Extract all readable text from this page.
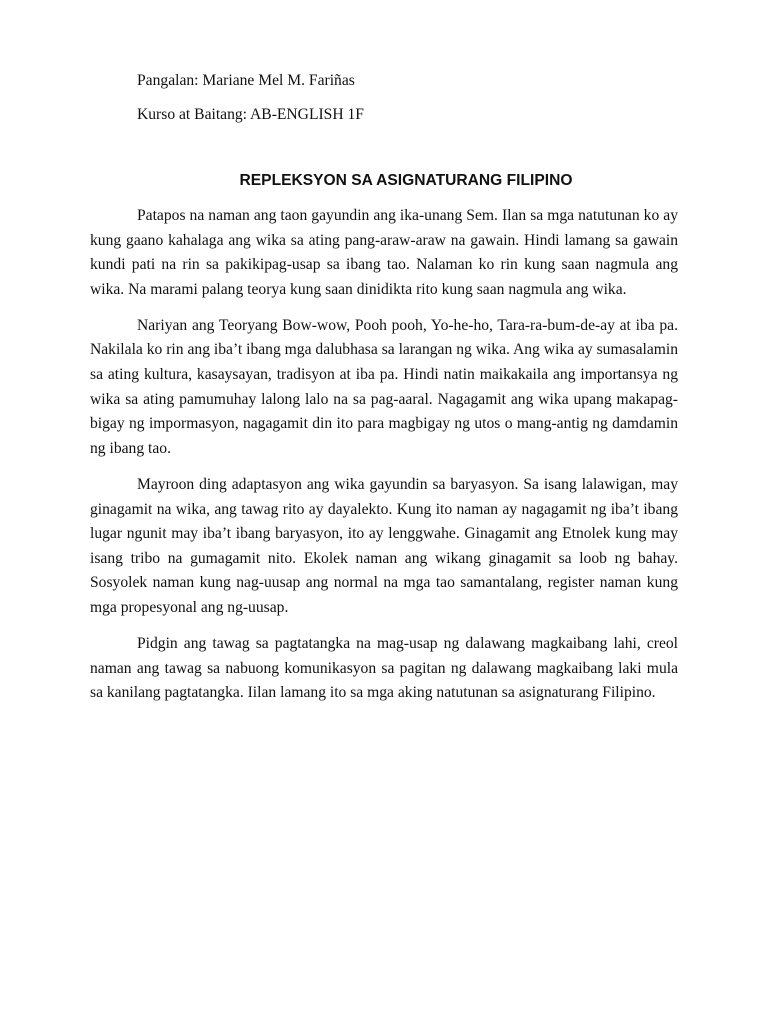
Pangalan: Mariane Mel M. Fariñas
Kurso at Baitang: AB-ENGLISH 1F
REPLEKSYON SA ASIGNATURANG FILIPINO

Patapos na naman ang taon gayundin ang ika-unang Sem. Ilan sa mga natutunan ko ay kung gaano kahalaga ang wika sa ating pang-araw-araw na gawain. Hindi lamang sa gawain kundi pati na rin sa pakikipag-usap sa ibang tao. Nalaman ko rin kung saan nagmula ang wika. Na marami palang teorya kung saan dinidikta rito kung saan nagmula ang wika.

Nariyan ang Teoryang Bow-wow, Pooh pooh, Yo-he-ho, Tara-ra-bum-de-ay at iba pa. Nakilala ko rin ang iba’t ibang mga dalubhasa sa larangan ng wika. Ang wika ay sumasalamin sa ating kultura, kasaysayan, tradisyon at iba pa. Hindi natin maikakaila ang importansya ng wika sa ating pamumuhay lalong lalo na sa pag-aaral. Nagagamit ang wika upang makapag-bigay ng impormasyon, nagagamit din ito para magbigay ng utos o mang-antig ng damdamin ng ibang tao.

Mayroon ding adaptasyon ang wika gayundin sa baryasyon. Sa isang lalawigan, may ginagamit na wika, ang tawag rito ay dayalekto. Kung ito naman ay nagagamit ng iba’t ibang lugar ngunit may iba’t ibang baryasyon, ito ay lenggwahe. Ginagamit ang Etnolek kung may isang tribo na gumagamit nito. Ekolek naman ang wikang ginagamit sa loob ng bahay. Sosyolek naman kung nag-uusap ang normal na mga tao samantalang, register naman kung mga propesyonal ang ng-uusap.

Pidgin ang tawag sa pagtatangka na mag-usap ng dalawang magkaibang lahi, creol naman ang tawag sa nabuong komunikasyon sa pagitan ng dalawang magkaibang laki mula sa kanilang pagtatangka. Iilan lamang ito sa mga aking natutunan sa asignaturang Filipino.
